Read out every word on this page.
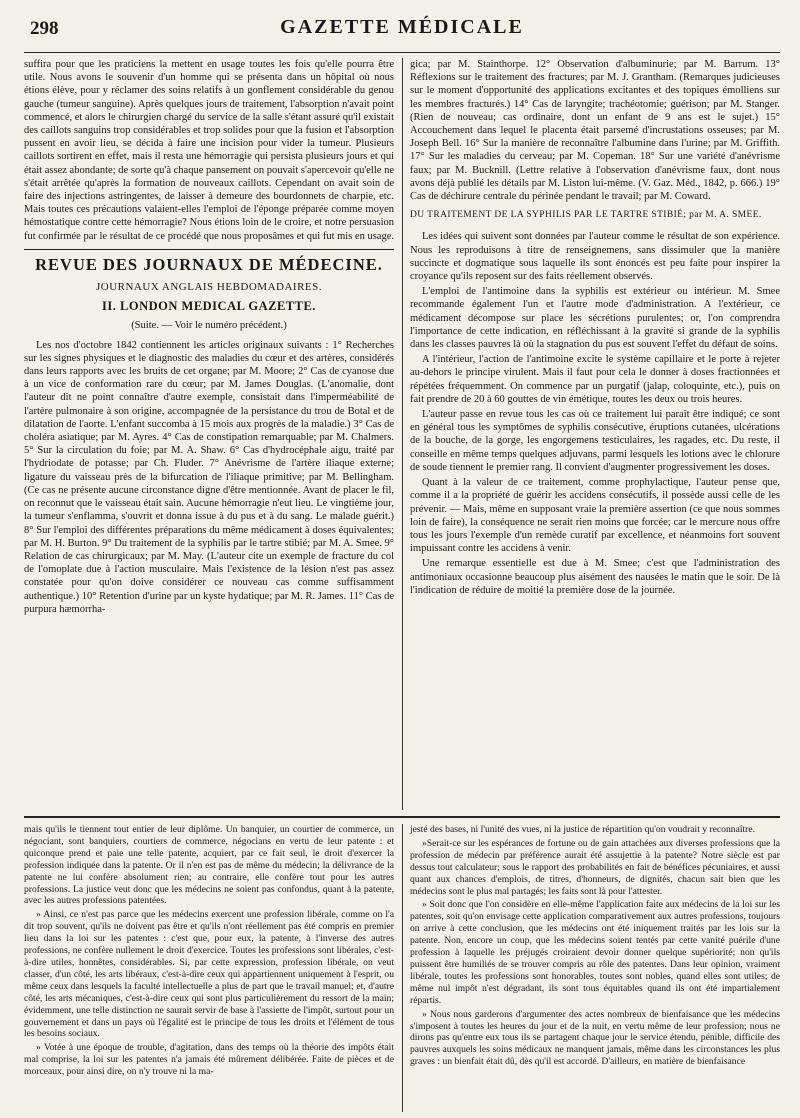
298	GAZETTE MÉDICALE

suffira pour que les praticiens la mettent en usage toutes les fois qu'elle pourra être utile. Nous avons le souvenir d'un homme qui se présenta dans un hôpital où nous étions élève, pour y réclamer des soins relatifs à un gonflement considérable du genou gauche (tumeur sanguine). Après quelques jours de traitement, l'absorption n'avait point commencé, et alors le chirurgien chargé du service de la salle s'étant assuré qu'il existait des caillots sanguins trop considérables et trop solides pour que la fusion et l'absorption pussent en avoir lieu, se décida à faire une incision pour vider la tumeur. Plusieurs caillots sortirent en effet, mais il resta une hémorragie qui persista plusieurs jours et qui était assez abondante; de sorte qu'à chaque pansement on pouvait s'apercevoir qu'elle ne s'était arrêtée qu'après la formation de nouveaux caillots. Cependant on avait soin de faire des injections astringentes, de laisser à demeure des bourdonnets de charpie, etc. Mais toutes ces précautions valaient-elles l'emploi de l'éponge préparée comme moyen hémostatique contre cette hémorragie? Nous étions loin de le croire, et notre persuasion fut confirmée par le résultat de ce procédé que nous proposâmes et qui fut mis en usage.

REVUE DES JOURNAUX DE MÉDECINE.
JOURNAUX ANGLAIS HEBDOMADAIRES.
II. LONDON MEDICAL GAZETTE.
(Suite. — Voir le numéro précédent.)

Les nos d'octobre 1842 contiennent les articles originaux suivants : 1° Recherches sur les signes physiques et le diagnostic des maladies du cœur et des artères, considérés dans leurs rapports avec les bruits de cet organe; par M. Moore; 2° Cas de cyanose due à un vice de conformation rare du cœur; par M. James Douglas. (L'anomalie, dont l'auteur dit ne point connaître d'autre exemple, consistait dans l'imperméabilité de l'artère pulmonaire à son origine, accompagnée de la persistance du trou de Botal et de dilatation de l'aorte. L'enfant succomba à 15 mois aux progrès de la maladie.) 3° Cas de choléra asiatique; par M. Ayres. 4° Cas de constipation remarquable; par M. Chalmers. 5° Sur la circulation du foie; par M. A. Shaw. 6° Cas d'hydrocéphale aigu, traité par l'hydriodate de potasse; par Ch. Fluder. 7° Anévrisme de l'artère iliaque externe; ligature du vaisseau près de la bifurcation de l'iliaque primitive; par M. Bellingham. (Ce cas ne présente aucune circonstance digne d'être mentionnée. Avant de placer le fil, on reconnut que le vaisseau était sain. Aucune hémorragie n'eut lieu. Le vingtième jour, la tumeur s'enflamma, s'ouvrit et donna issue à du pus et à du sang. Le malade guérit.) 8° Sur l'emploi des différentes préparations du même médicament à doses équivalentes; par M. H. Burton. 9° Du traitement de la syphilis par le tartre stibié; par M. A. Smee. 9° Relation de cas chirurgicaux; par M. May. (L'auteur cite un exemple de fracture du col de l'omoplate due à l'action musculaire. Mais l'existence de la lésion n'est pas assez constatée pour qu'on doive considérer ce nouveau cas comme suffisamment authentique.) 10° Retention d'urine par un kyste hydatique; par M. R. James. 11° Cas de purpura hæmorrha-

gica; par M. Stainthorpe. 12° Observation d'albuminurie; par M. Barrum. 13° Réflexions sur le traitement des fractures; par M. J. Grantham. (Remarques judicieuses sur le moment d'opportunité des applications excitantes et des topiques émolliens sur les membres fracturés.) 14° Cas de laryngite; trachéotomie; guérison; par M. Stanger. (Rien de nouveau; cas ordinaire, dont un enfant de 9 ans est le sujet.) 15° Accouchement dans lequel le placenta était parsemé d'incrustations osseuses; par M. Joseph Bell. 16° Sur la manière de reconnaître l'albumine dans l'urine; par M. Griffith. 17° Sur les maladies du cerveau; par M. Copeman. 18° Sur une variété d'anévrisme faux; par M. Bucknill. (Lettre relative à l'observation d'anévrisme faux, dont nous avons déjà publié les détails par M. Liston lui-même. (V. Gaz. Méd., 1842, p. 666.) 19° Cas de déchirure centrale du périnée pendant le travail; par M. Coward.

DU TRAITEMENT DE LA SYPHILIS PAR LE TARTRE STIBIÉ; par M. A. SMEE.

Les idées qui suivent sont données par l'auteur comme le résultat de son expérience. Nous les reproduisons à titre de renseignemens, sans dissimuler que la manière succincte et dogmatique sous laquelle ils sont énoncés est peu faite pour inspirer la croyance qu'ils reposent sur des faits réellement observés.

L'emploi de l'antimoine dans la syphilis est extérieur ou intérieur. M. Smee recommande également l'un et l'autre mode d'administration. A l'extérieur, ce médicament décompose sur place les sécrétions purulentes; or, l'on comprendra l'importance de cette indication, en réfléchissant à la gravité si grande de la syphilis dans les classes pauvres là où la stagnation du pus est souvent l'effet du défaut de soins.

A l'intérieur, l'action de l'antimoine excite le système capillaire et le porte à rejeter au-dehors le principe virulent. Mais il faut pour cela le donner à doses fractionnées et répétées fréquemment. On commence par un purgatif (jalap, coloquinte, etc.), puis on fait prendre de 20 à 60 gouttes de vin émétique, toutes les deux ou trois heures.

L'auteur passe en revue tous les cas où ce traitement lui paraît être indiqué; ce sont en général tous les symptômes de syphilis consécutive, éruptions cutanées, ulcérations de la bouche, de la gorge, les engorgemens testiculaires, les ragades, etc. Du reste, il conseille en même temps quelques adjuvans, parmi lesquels les lotions avec le chlorure de soude tiennent le premier rang. Il convient d'augmenter progressivement les doses.

Quant à la valeur de ce traitement, comme prophylactique, l'auteur pense que, comme il a la propriété de guérir les accidens consécutifs, il possède aussi celle de les prévenir. — Mais, même en supposant vraie la première assertion (ce que nous sommes loin de faire), la conséquence ne serait rien moins que forcée; car le mercure nous offre tous les jours l'exemple d'un remède curatif par excellence, et néanmoins fort souvent impuissant contre les accidens à venir.

Une remarque essentielle est due à M. Smee; c'est que l'administration des antimoniaux occasionne beaucoup plus aisément des nausées le matin que le soir. De là l'indication de réduire de moitié la première dose de la journée.

mais qu'ils le tiennent tout entier de leur diplôme. Un banquier, un courtier de commerce, un négociant, sont banquiers, courtiers de commerce, négocians en vertu de leur patente : et quiconque prend et paie une telle patente, acquiert, par ce fait seul, le droit d'exercer la profession indiquée dans la patente. Or il n'en est pas de même du médecin; la délivrance de la patente ne lui confère absolument rien; au contraire, elle confère tout pour les autres professions. La justice veut donc que les médecins ne soient pas confondus, quant à la patente, avec les autres professions patentées.

» Ainsi, ce n'est pas parce que les médecins exercent une profession libérale, comme on l'a dit trop souvent, qu'ils ne doivent pas être et qu'ils n'ont réellement pas été compris en premier lieu dans la loi sur les patentes : c'est que, pour eux, la patente, à l'inverse des autres professions, ne confère nullement le droit d'exercice. Toutes les professions sont libérales, c'est-à-dire utiles, honnêtes, considérables. Si, par cette expression, profession libérale, on veut classer, d'un côté, les arts libéraux, c'est-à-dire ceux qui appartiennent uniquement à l'esprit, ou même ceux dans lesquels la faculté intellectuelle a plus de part que le travail manuel; et, d'autre côté, les arts mécaniques, c'est-à-dire ceux qui sont plus particulièrement du ressort de la main; évidemment, une telle distinction ne saurait servir de base à l'assiette de l'impôt, surtout pour un gouvernement et dans un pays où l'égalité est le principe de tous les droits et l'élément de tous les besoins sociaux.

» Votée à une époque de trouble, d'agitation, dans des temps où la théorie des impôts était mal comprise, la loi sur les patentes n'a jamais été mûrement délibérée. Faite de pièces et de morceaux, pour ainsi dire, on n'y trouve ni la ma-

jesté des bases, ni l'unité des vues, ni la justice de répartition qu'on voudrait y reconnaître.

»Serait-ce sur les espérances de fortune ou de gain attachées aux diverses professions que la profession de médecin par préférence aurait été assujettie à la patente? Notre siècle est par dessus tout calculateur; sous le rapport des probabilités en fait de bénéfices pécuniaires, et aussi quant aux chances d'emplois, de titres, d'honneurs, de dignités, chacun sait bien que les médecins sont le plus mal partagés; les faits sont là pour l'attester.

» Soit donc que l'on considère en elle-même l'application faite aux médecins de la loi sur les patentes, soit qu'on envisage cette application comparativement aux autres professions, toujours on arrive à cette conclusion, que les médecins ont été iniquement traités par les lois sur la patente. Non, encore un coup, que les médecins soient tentés par cette vanité puérile d'une profession à laquelle les préjugés croiraient devoir donner quelque supériorité; non qu'ils puissent être humiliés de se trouver compris au rôle des patentes. Dans leur opinion, vraiment libérale, toutes les professions sont honorables, toutes sont nobles, quand elles sont utiles; de même nul impôt n'est dégradant, ils sont tous équitables quand ils ont été impartialement répartis.

» Nous nous garderons d'argumenter des actes nombreux de bienfaisance que les médecins s'imposent à toutes les heures du jour et de la nuit, en vertu même de leur profession; nous ne dirons pas qu'entre eux tous ils se partagent chaque jour le service étendu, pénible, difficile des pauvres auxquels les soins médicaux ne manquent jamais, même dans les circonstances les plus graves : un bienfait était dû, dès qu'il est accordé. D'ailleurs, en matière de bienfaisance
